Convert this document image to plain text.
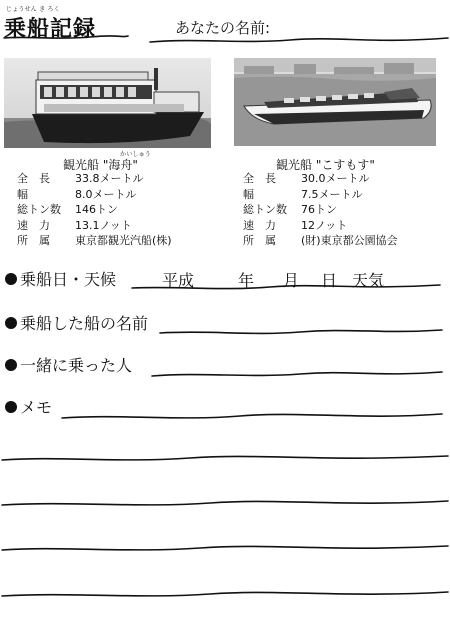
じょうせん き ろく
乗船記録	あなたの名前:
かいしゅう
観光船 "海舟"	観光船 "こすもす"
全　長	33.8メートル
幅	8.0メートル
総トン数	146トン
速　力	13.1ノット
所　属	東京都観光汽船(株)
全　長	30.0メートル
幅	7.5メートル
総トン数	76トン
速　力	12ノット
所　属	(財)東京都公園協会
乗船日・天候	平成	年 月 日 天気
乗船した船の名前
一緒に乗った人
メモ
